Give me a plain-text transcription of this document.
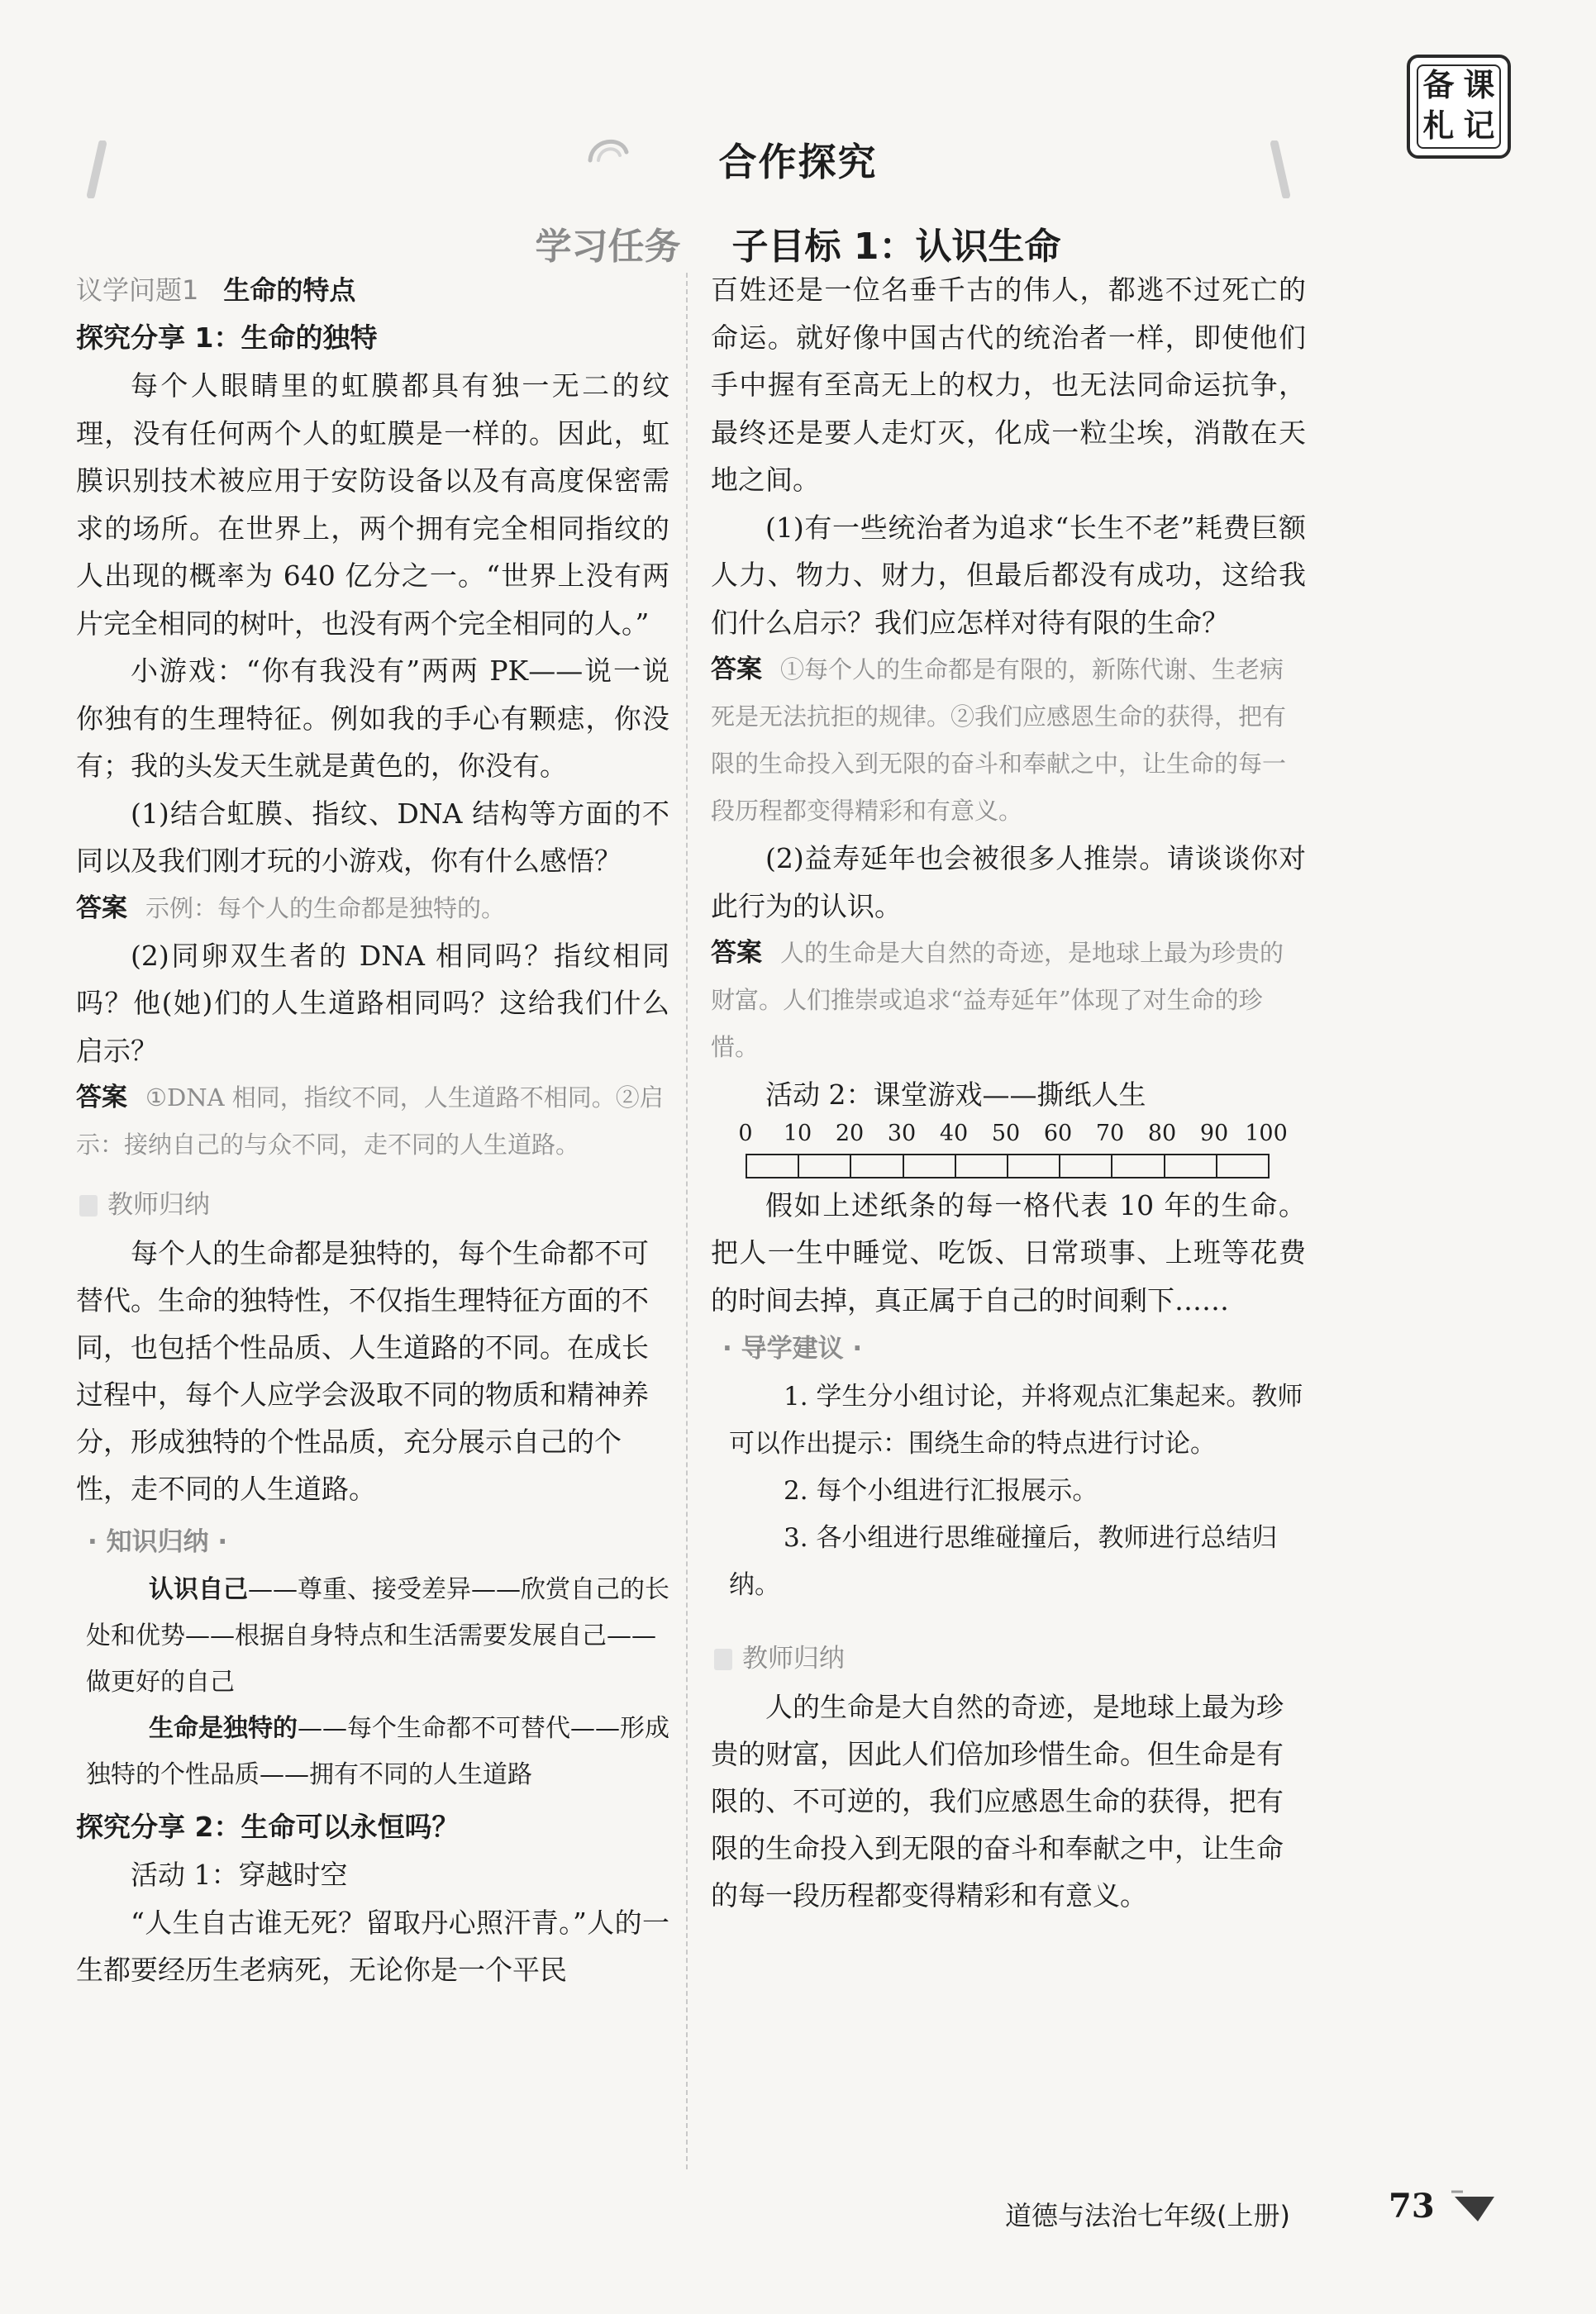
备 课
札 记
合作探究
学习任务 子目标 1：认识生命
议学问题1 生命的特点
探究分享 1：生命的独特

每个人眼睛里的虹膜都具有独一无二的纹理，没有任何两个人的虹膜是一样的。因此，虹膜识别技术被应用于安防设备以及有高度保密需求的场所。在世界上，两个拥有完全相同指纹的人出现的概率为 640 亿分之一。“世界上没有两片完全相同的树叶，也没有两个完全相同的人。”

小游戏：“你有我没有”两两 PK——说一说你独有的生理特征。例如我的手心有颗痣，你没有；我的头发天生就是黄色的，你没有。

(1)结合虹膜、指纹、DNA 结构等方面的不同以及我们刚才玩的小游戏，你有什么感悟？

答案 示例：每个人的生命都是独特的。

(2)同卵双生者的 DNA 相同吗？指纹相同吗？他(她)们的人生道路相同吗？这给我们什么启示？

答案 ①DNA 相同，指纹不同，人生道路不相同。②启示：接纳自己的与众不同，走不同的人生道路。

教师归纳

每个人的生命都是独特的，每个生命都不可替代。生命的独特性，不仅指生理特征方面的不同，也包括个性品质、人生道路的不同。在成长过程中，每个人应学会汲取不同的物质和精神养分，形成独特的个性品质，充分展示自己的个性，走不同的人生道路。

· 知识归纳 ·

认识自己——尊重、接受差异——欣赏自己的长处和优势——根据自身特点和生活需要发展自己——做更好的自己

生命是独特的——每个生命都不可替代——形成独特的个性品质——拥有不同的人生道路

探究分享 2：生命可以永恒吗？

活动 1：穿越时空

“人生自古谁无死？留取丹心照汗青。”人的一生都要经历生老病死，无论你是一个平民

百姓还是一位名垂千古的伟人，都逃不过死亡的命运。就好像中国古代的统治者一样，即使他们手中握有至高无上的权力，也无法同命运抗争，最终还是要人走灯灭，化成一粒尘埃，消散在天地之间。

(1)有一些统治者为追求“长生不老”耗费巨额人力、物力、财力，但最后都没有成功，这给我们什么启示？我们应怎样对待有限的生命？

答案 ①每个人的生命都是有限的，新陈代谢、生老病死是无法抗拒的规律。②我们应感恩生命的获得，把有限的生命投入到无限的奋斗和奉献之中，让生命的每一段历程都变得精彩和有意义。

(2)益寿延年也会被很多人推崇。请谈谈你对此行为的认识。

答案 人的生命是大自然的奇迹，是地球上最为珍贵的财富。人们推崇或追求“益寿延年”体现了对生命的珍惜。

活动 2：课堂游戏——撕纸人生

0 10 20 30 40 50 60 70 80 90 100

假如上述纸条的每一格代表 10 年的生命。把人一生中睡觉、吃饭、日常琐事、上班等花费的时间去掉，真正属于自己的时间剩下……

· 导学建议 ·

1. 学生分小组讨论，并将观点汇集起来。教师可以作出提示：围绕生命的特点进行讨论。

2. 每个小组进行汇报展示。

3. 各小组进行思维碰撞后，教师进行总结归纳。

教师归纳

人的生命是大自然的奇迹，是地球上最为珍贵的财富，因此人们倍加珍惜生命。但生命是有限的、不可逆的，我们应感恩生命的获得，把有限的生命投入到无限的奋斗和奉献之中，让生命的每一段历程都变得精彩和有意义。

道德与法治七年级(上册)	73
